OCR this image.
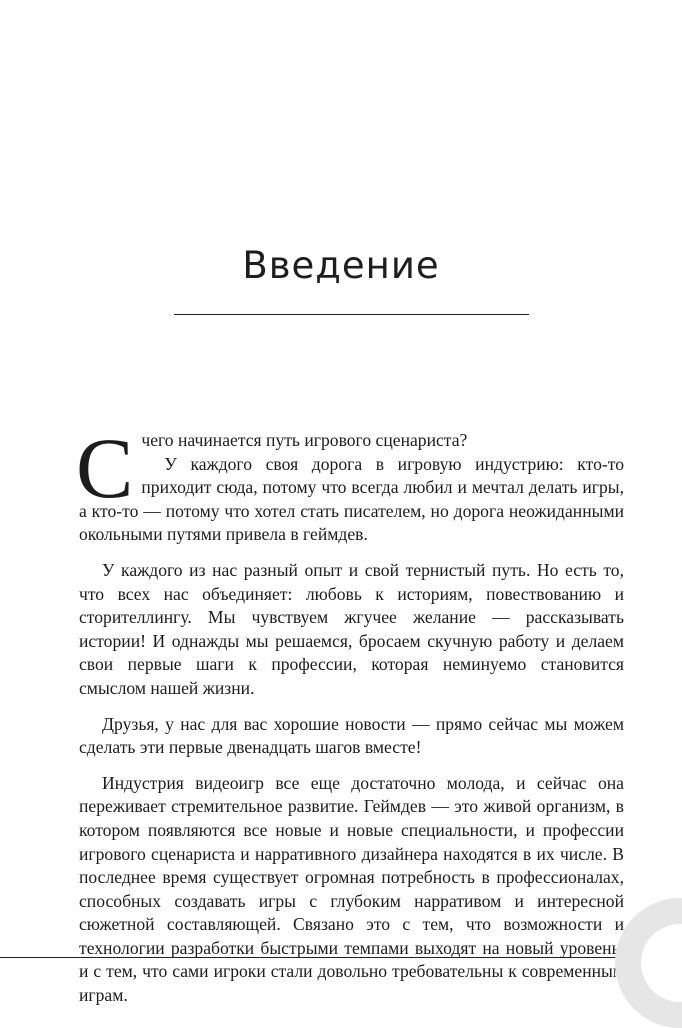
Введение

Счего начинается путь игрового сценариста?
У каждого своя дорога в игровую индустрию: кто-то приходит сюда, потому что всегда любил и мечтал делать игры, а кто-то — потому что хотел стать писателем, но дорога неожиданными окольными путями привела в геймдев.

У каждого из нас разный опыт и свой тернистый путь. Но есть то, что всех нас объединяет: любовь к историям, повествованию и сторителлингу. Мы чувствуем жгучее желание — рассказывать истории! И однажды мы решаемся, бросаем скучную работу и делаем свои первые шаги к профессии, которая неминуемо становится смыслом нашей жизни.

Друзья, у нас для вас хорошие новости — прямо сейчас мы можем сделать эти первые двенадцать шагов вместе!

Индустрия видеоигр все еще достаточно молода, и сейчас она переживает стремительное развитие. Геймдев — это живой организм, в котором появляются все новые и новые специальности, и профессии игрового сценариста и нарративного дизайнера находятся в их числе. В последнее время существует огромная потребность в профессионалах, способных создавать игры с глубоким нарративом и интересной сюжетной составляющей. Связано это с тем, что возможности и технологии разработки быстрыми темпами выходят на новый уровень, и с тем, что сами игроки стали довольно требовательны к современным играм.
